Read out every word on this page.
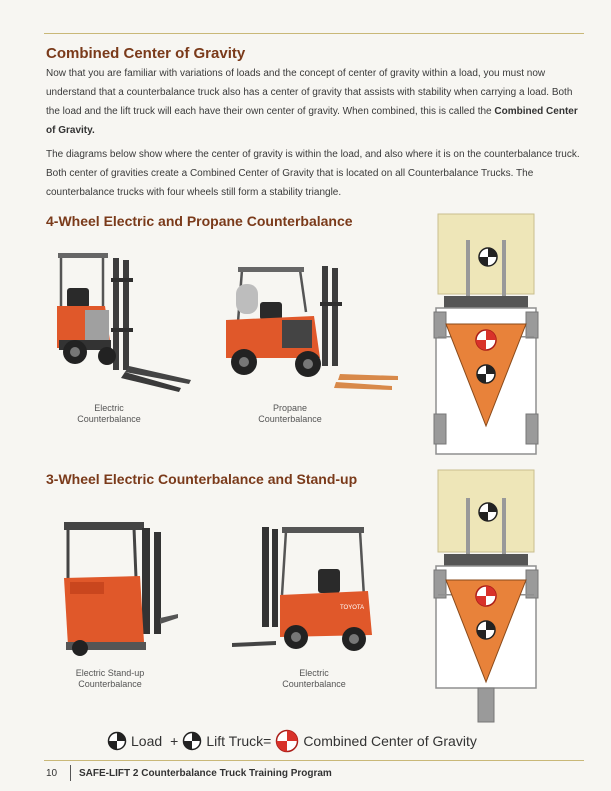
Combined Center of Gravity

Now that you are familiar with variations of loads and the concept of center of gravity within a load, you must now understand that a counterbalance truck also has a center of gravity that assists with stability when carrying a load. Both the load and the lift truck will each have their own center of gravity. When combined, this is called the Combined Center of Gravity.

The diagrams below show where the center of gravity is within the load, and also where it is on the counterbalance truck. Both center of gravities create a Combined Center of Gravity that is located on all Counterbalance Trucks. The counterbalance trucks with four wheels still form a stability triangle.

4-Wheel Electric and Propane Counterbalance
Electric
Counterbalance
Propane
Counterbalance
3-Wheel Electric Counterbalance and Stand-up
Electric Stand-up
Counterbalance
TOYOTA
Electric
Counterbalance
Load + Lift Truck= Combined Center of Gravity
10	SAFE-LIFT 2 Counterbalance Truck Training Program
